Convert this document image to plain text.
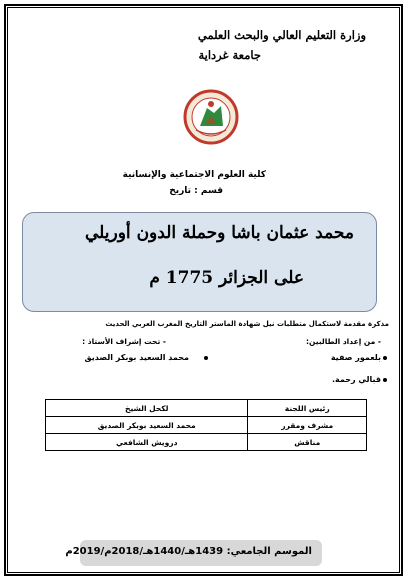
وزارة التعليم العالي والبحث العلمي
جامعة غرداية
كلية العلوم الاجتماعية والإنسانية
قسم : تاريخ
محمد عثمان باشا وحملة الدون أوريلي
على الجزائر 1775 م
مذكرة مقدمة لاستكمال متطلبات نيل شهادة الماستر التاريخ المغرب العربي الحديث
- من إعداد الطالبين:
- تحت إشراف الأستاذ :
بلعمور صفية
قبالي رحمة.
محمد السعيد بوبكر الصديق
رئيس اللجنة	لكحل الشيخ
مشرف ومقرر	محمد السعيد بوبكر الصديق
مناقش	درويش الشافعي
الموسم الجامعي: 1439هـ/1440هـ/2018م/2019م
